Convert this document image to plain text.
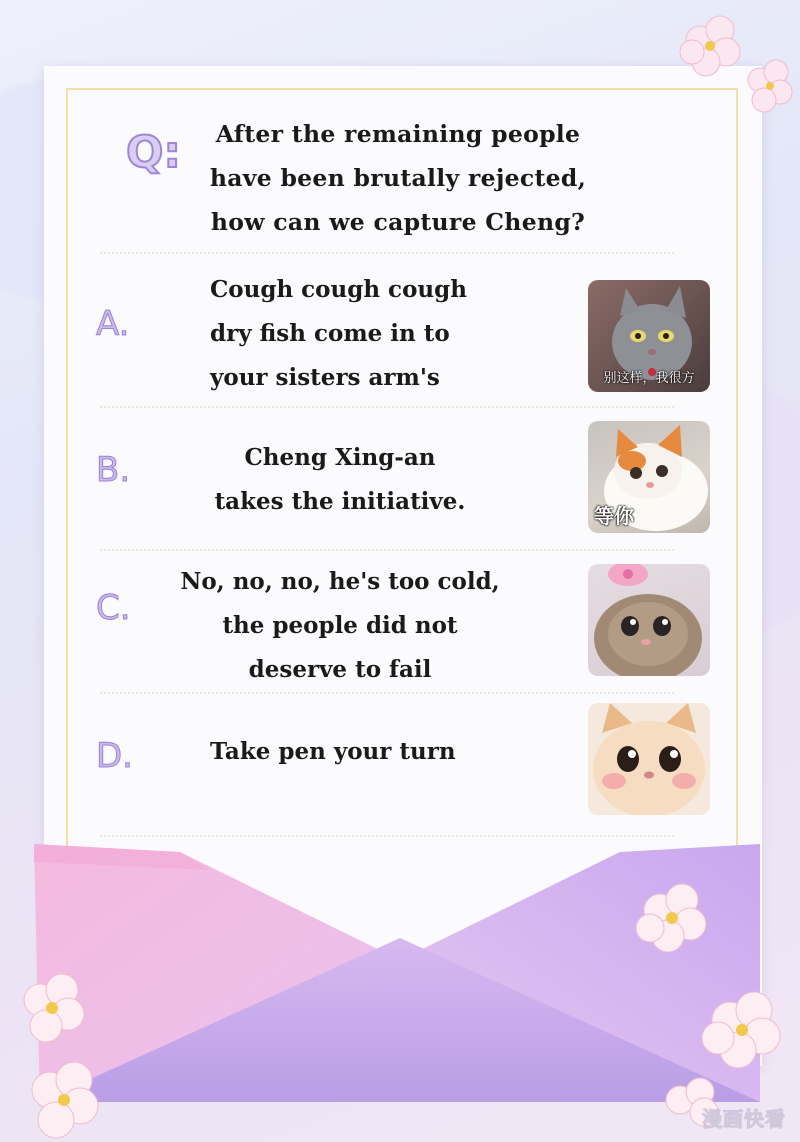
Q:	After the remaining people
have been brutally rejected,
how can we capture Cheng?
A.
Cough cough cough
dry fish come in to
your sisters arm's	别这样，我很方
B.	Cheng Xing-an
takes the initiative.
等你
C.
No, no, no, he's too cold,
the people did not
deserve to fail
D.	Take pen your turn
漫画快看
